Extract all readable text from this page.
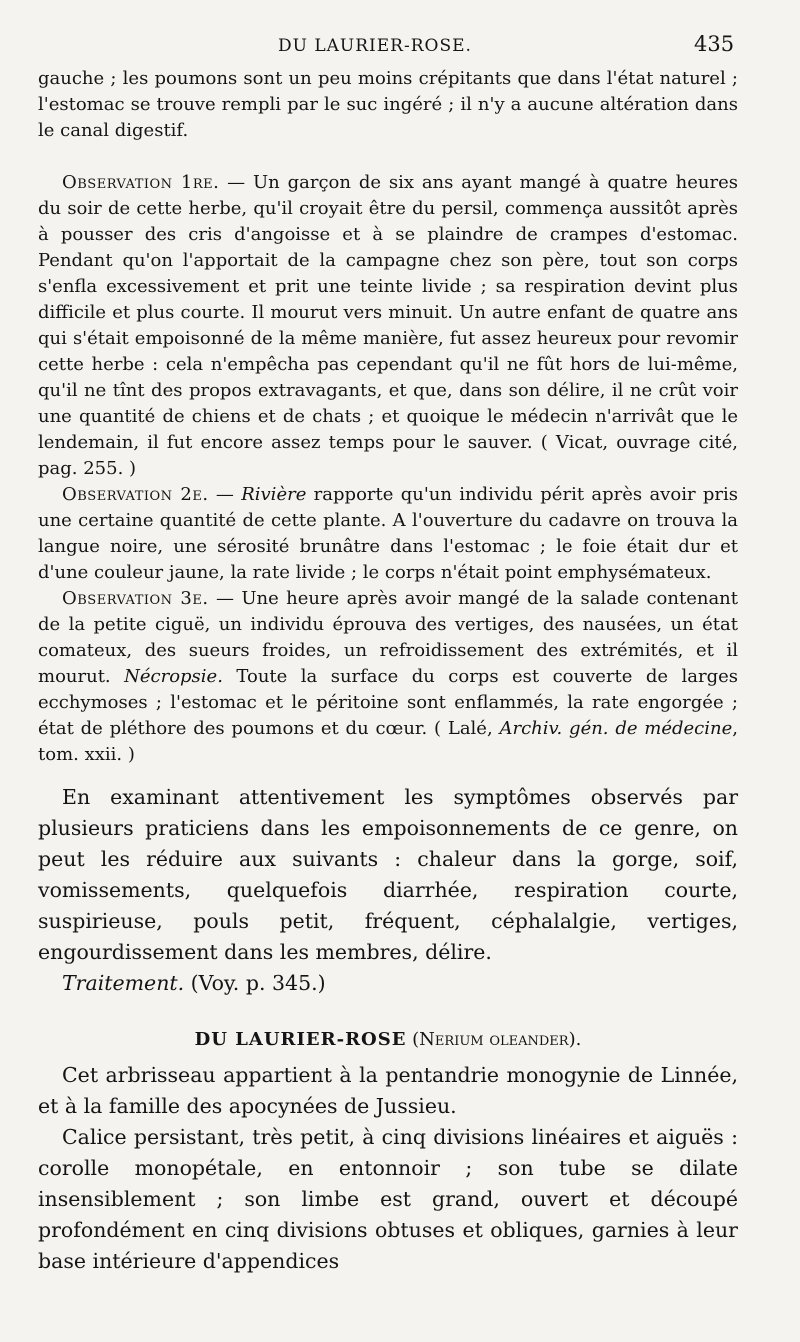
DU LAURIER-ROSE.	435

gauche ; les poumons sont un peu moins crépitants que dans l'état naturel ; l'estomac se trouve rempli par le suc ingéré ; il n'y a aucune altération dans le canal digestif.

Observation 1re. — Un garçon de six ans ayant mangé à quatre heures du soir de cette herbe, qu'il croyait être du persil, commença aussitôt après à pousser des cris d'angoisse et à se plaindre de crampes d'estomac. Pendant qu'on l'apportait de la campagne chez son père, tout son corps s'enfla excessivement et prit une teinte livide ; sa respiration devint plus difficile et plus courte. Il mourut vers minuit. Un autre enfant de quatre ans qui s'était empoisonné de la même manière, fut assez heureux pour revomir cette herbe : cela n'empêcha pas cependant qu'il ne fût hors de lui-même, qu'il ne tînt des propos extravagants, et que, dans son délire, il ne crût voir une quantité de chiens et de chats ; et quoique le médecin n'arrivât que le lendemain, il fut encore assez temps pour le sauver. ( Vicat, ouvrage cité, pag. 255. )

Observation 2e. — Rivière rapporte qu'un individu périt après avoir pris une certaine quantité de cette plante. A l'ouverture du cadavre on trouva la langue noire, une sérosité brunâtre dans l'estomac ; le foie était dur et d'une couleur jaune, la rate livide ; le corps n'était point emphysémateux.

Observation 3e. — Une heure après avoir mangé de la salade contenant de la petite ciguë, un individu éprouva des vertiges, des nausées, un état comateux, des sueurs froides, un refroidissement des extrémités, et il mourut. Nécropsie. Toute la surface du corps est couverte de larges ecchymoses ; l'estomac et le péritoine sont enflammés, la rate engorgée ; état de pléthore des poumons et du cœur. ( Lalé, Archiv. gén. de médecine, tom. xxii. )

En examinant attentivement les symptômes observés par plusieurs praticiens dans les empoisonnements de ce genre, on peut les réduire aux suivants : chaleur dans la gorge, soif, vomissements, quelquefois diarrhée, respiration courte, suspirieuse, pouls petit, fréquent, céphalalgie, vertiges, engourdissement dans les membres, délire.

Traitement. (Voy. p. 345.)

DU LAURIER-ROSE (Nerium oleander).

Cet arbrisseau appartient à la pentandrie monogynie de Linnée, et à la famille des apocynées de Jussieu.

Calice persistant, très petit, à cinq divisions linéaires et aiguës : corolle monopétale, en entonnoir ; son tube se dilate insensiblement ; son limbe est grand, ouvert et découpé profondément en cinq divisions obtuses et obliques, garnies à leur base intérieure d'appendices
